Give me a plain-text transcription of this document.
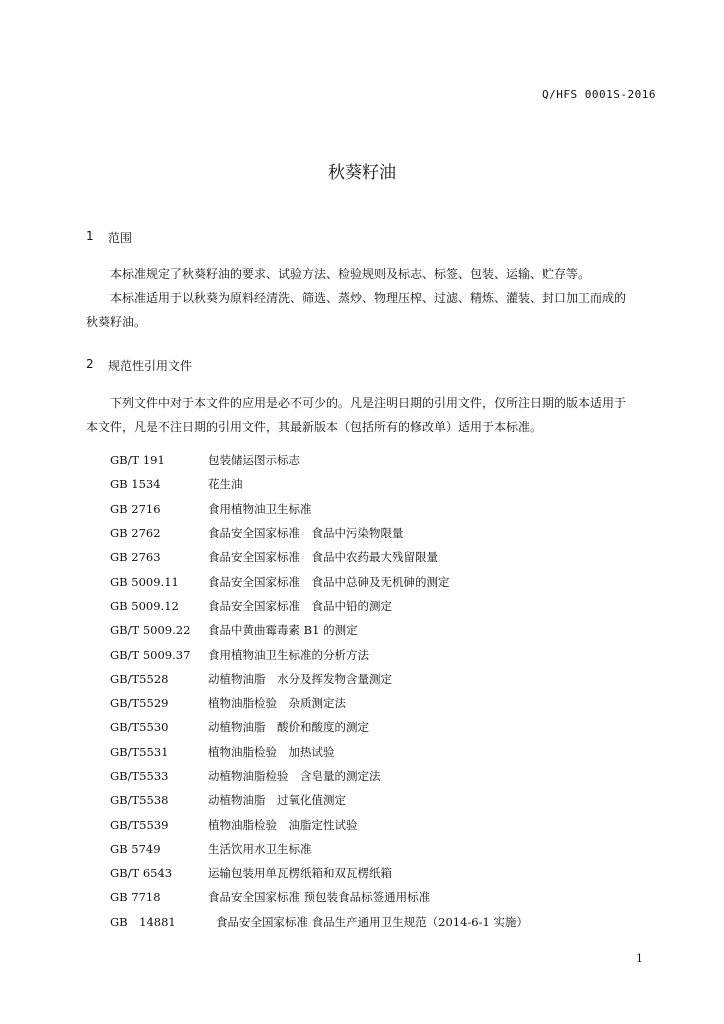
Q/HFS 0001S-2016
秋葵籽油
1 范围
本标准规定了秋葵籽油的要求、试验方法、检验规则及标志、标签、包装、运输、贮存等。
本标准适用于以秋葵为原料经清洗、筛选、蒸炒、物理压榨、过滤、精炼、灌装、封口加工而成的
秋葵籽油。
2 规范性引用文件
下列文件中对于本文件的应用是必不可少的。凡是注明日期的引用文件，仅所注日期的版本适用于
本文件，凡是不注日期的引用文件，其最新版本（包括所有的修改单）适用于本标准。
GB/T 191	包装储运图示标志
GB 1534	花生油
GB 2716	食用植物油卫生标准
GB 2762	食品安全国家标准　食品中污染物限量
GB 2763	食品安全国家标准　食品中农药最大残留限量
GB 5009.11	食品安全国家标准　食品中总砷及无机砷的测定
GB 5009.12	食品安全国家标准　食品中铅的测定
GB/T 5009.22	食品中黄曲霉毒素 B1 的测定
GB/T 5009.37	食用植物油卫生标准的分析方法
GB/T5528	动植物油脂　水分及挥发物含量测定
GB/T5529	植物油脂检验　杂质测定法
GB/T5530	动植物油脂　酸价和酸度的测定
GB/T5531	植物油脂检验　加热试验
GB/T5533	动植物油脂检验　含皂量的测定法
GB/T5538	动植物油脂　过氧化值测定
GB/T5539	植物油脂检验　油脂定性试验
GB 5749	生活饮用水卫生标准
GB/T 6543	运输包装用单瓦楞纸箱和双瓦楞纸箱
GB 7718	食品安全国家标准 预包装食品标签通用标准
GB　14881	食品安全国家标准 食品生产通用卫生规范（2014-6-1 实施）
1
